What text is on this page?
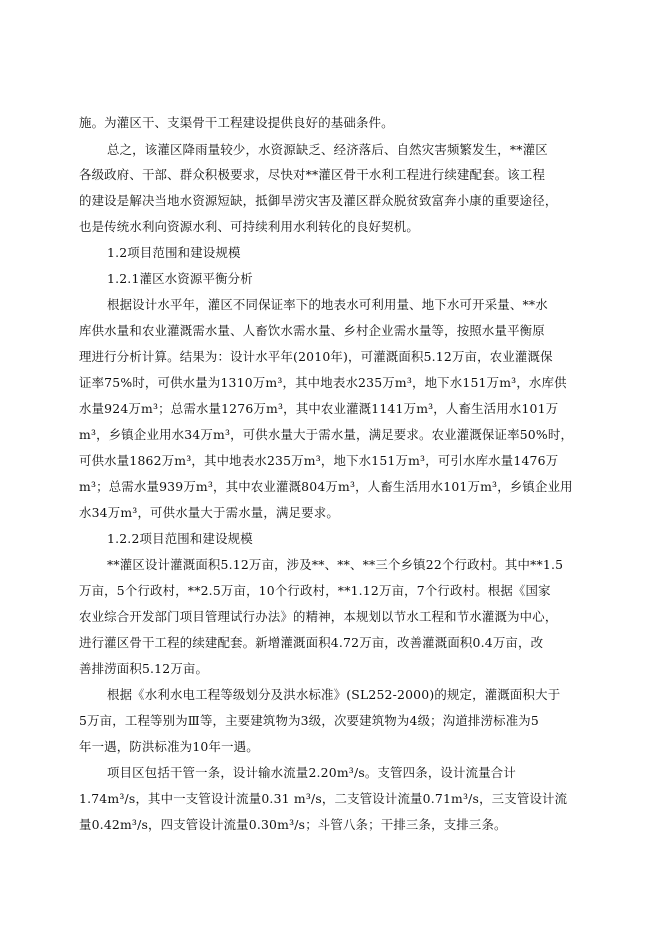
施。为灌区干、支渠骨干工程建设提供良好的基础条件。
总之，该灌区降雨量较少，水资源缺乏、经济落后、自然灾害频繁发生，**灌区
各级政府、干部、群众积极要求，尽快对**灌区骨干水利工程进行续建配套。该工程
的建设是解决当地水资源短缺，抵御旱涝灾害及灌区群众脱贫致富奔小康的重要途径，
也是传统水利向资源水利、可持续利用水利转化的良好契机。
1.2项目范围和建设规模
1.2.1灌区水资源平衡分析
根据设计水平年，灌区不同保证率下的地表水可利用量、地下水可开采量、**水
库供水量和农业灌溉需水量、人畜饮水需水量、乡村企业需水量等，按照水量平衡原
理进行分析计算。结果为：设计水平年(2010年)，可灌溉面积5.12万亩，农业灌溉保
证率75%时，可供水量为1310万m³，其中地表水235万m³，地下水151万m³，水库供
水量924万m³；总需水量1276万m³，其中农业灌溉1141万m³，人畜生活用水101万
m³，乡镇企业用水34万m³，可供水量大于需水量，满足要求。农业灌溉保证率50%时，
可供水量1862万m³，其中地表水235万m³，地下水151万m³，可引水库水量1476万
m³；总需水量939万m³，其中农业灌溉804万m³，人畜生活用水101万m³，乡镇企业用
水34万m³，可供水量大于需水量，满足要求。
1.2.2项目范围和建设规模
**灌区设计灌溉面积5.12万亩，涉及**、**、**三个乡镇22个行政村。其中**1.5
万亩，5个行政村，**2.5万亩，10个行政村，**1.12万亩，7个行政村。根据《国家
农业综合开发部门项目管理试行办法》的精神，本规划以节水工程和节水灌溉为中心，
进行灌区骨干工程的续建配套。新增灌溉面积4.72万亩，改善灌溉面积0.4万亩，改
善排涝面积5.12万亩。
根据《水利水电工程等级划分及洪水标准》(SL252-2000)的规定，灌溉面积大于
5万亩，工程等别为Ⅲ等，主要建筑物为3级，次要建筑物为4级；沟道排涝标准为5
年一遇，防洪标准为10年一遇。
项目区包括干管一条，设计输水流量2.20m³/s。支管四条，设计流量合计
1.74m³/s，其中一支管设计流量0.31 m³/s，二支管设计流量0.71m³/s，三支管设计流
量0.42m³/s，四支管设计流量0.30m³/s；斗管八条；干排三条，支排三条。
